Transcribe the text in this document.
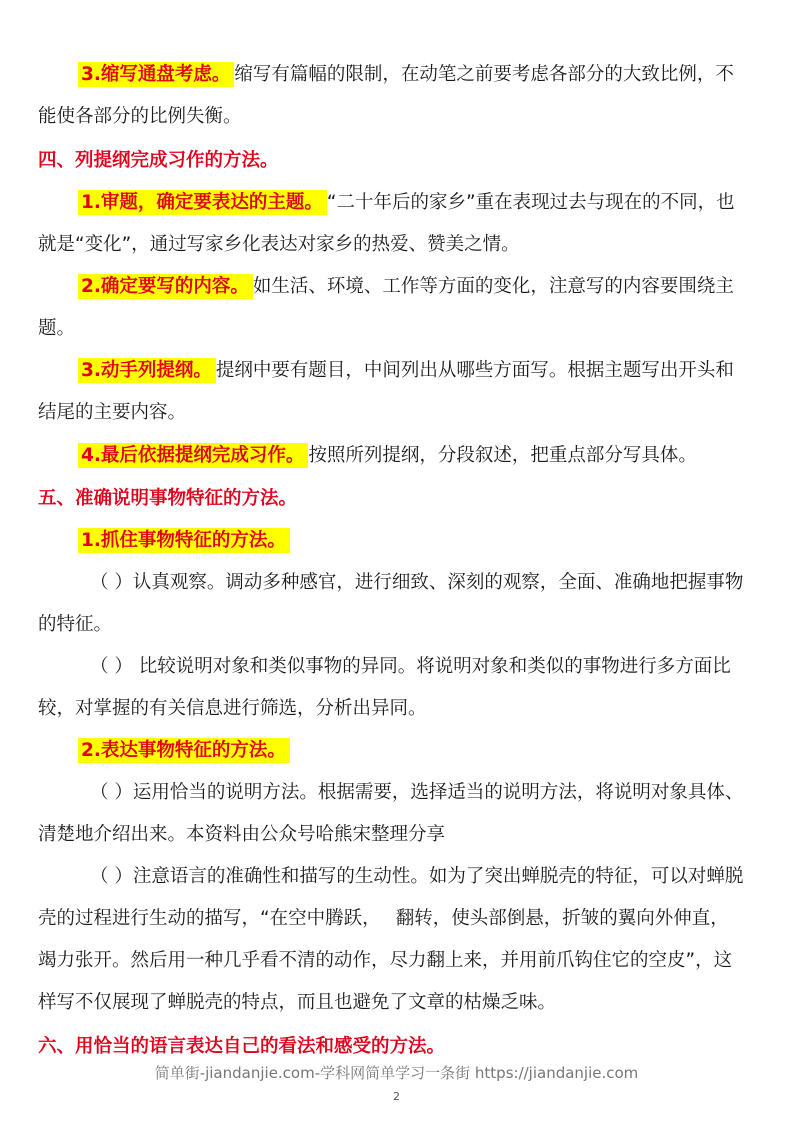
3.缩写通盘考虑。 缩写有篇幅的限制，在动笔之前要考虑各部分的大致比例，不
能使各部分的比例失衡。
四、列提纲完成习作的方法。
1.审题，确定要表达的主题。 “二十年后的家乡”重在表现过去与现在的不同，也
就是“变化”，通过写家乡化表达对家乡的热爱、赞美之情。
2.确定要写的内容。 如生活、环境、工作等方面的变化，注意写的内容要围绕主
题。
3.动手列提纲。 提纲中要有题目，中间列出从哪些方面写。根据主题写出开头和
结尾的主要内容。
4.最后依据提纲完成习作。 按照所列提纲，分段叙述，把重点部分写具体。
五、准确说明事物特征的方法。
1.抓住事物特征的方法。
（ ）认真观察。调动多种感官，进行细致、深刻的观察，全面、准确地把握事物
的特征。
（ ） 比较说明对象和类似事物的异同。将说明对象和类似的事物进行多方面比
较，对掌握的有关信息进行筛选，分析出异同。
2.表达事物特征的方法。
（ ）运用恰当的说明方法。根据需要，选择适当的说明方法，将说明对象具体、
清楚地介绍出来。本资料由公众号哈熊宋整理分享
（ ）注意语言的准确性和描写的生动性。如为了突出蝉脱壳的特征，可以对蝉脱
壳的过程进行生动的描写，“在空中腾跃，　 翻转，使头部倒悬，折皱的翼向外伸直，
竭力张开。然后用一种几乎看不清的动作，尽力翻上来，并用前爪钩住它的空皮”，这
样写不仅展现了蝉脱壳的特点，而且也避免了文章的枯燥乏味。
六、用恰当的语言表达自己的看法和感受的方法。
简单街-jiandanjie.com-学科网简单学习一条街 https://jiandanjie.com
2
